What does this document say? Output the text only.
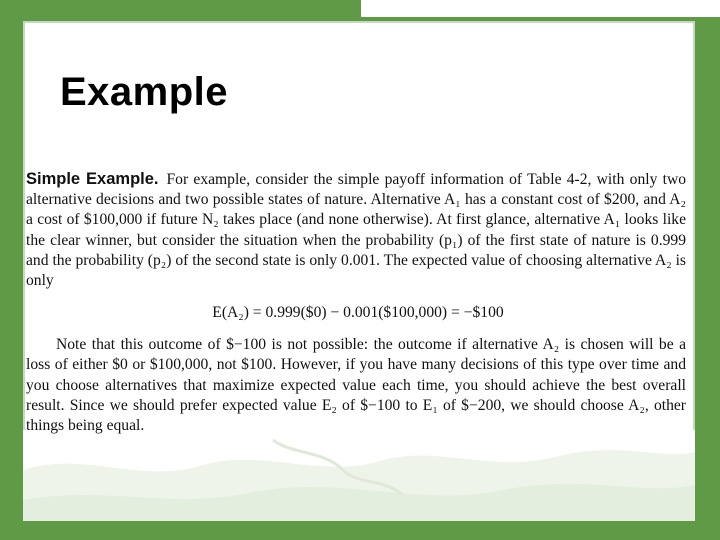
Example

Simple Example. For example, consider the simple payoff information of Table 4-2, with only two alternative decisions and two possible states of nature. Alternative A₁ has a constant cost of $200, and A₂ a cost of $100,000 if future N₂ takes place (and none otherwise). At first glance, alternative A₁ looks like the clear winner, but consider the situation when the probability (p₁) of the first state of nature is 0.999 and the probability (p₂) of the second state is only 0.001. The expected value of choosing alternative A₂ is only

E(A₂) = 0.999($0) − 0.001($100,000) = −$100

Note that this outcome of $−100 is not possible: the outcome if alternative A₂ is chosen will be a loss of either $0 or $100,000, not $100. However, if you have many decisions of this type over time and you choose alternatives that maximize expected value each time, you should achieve the best overall result. Since we should prefer expected value E₂ of $−100 to E₁ of $−200, we should choose A₂, other things being equal.
